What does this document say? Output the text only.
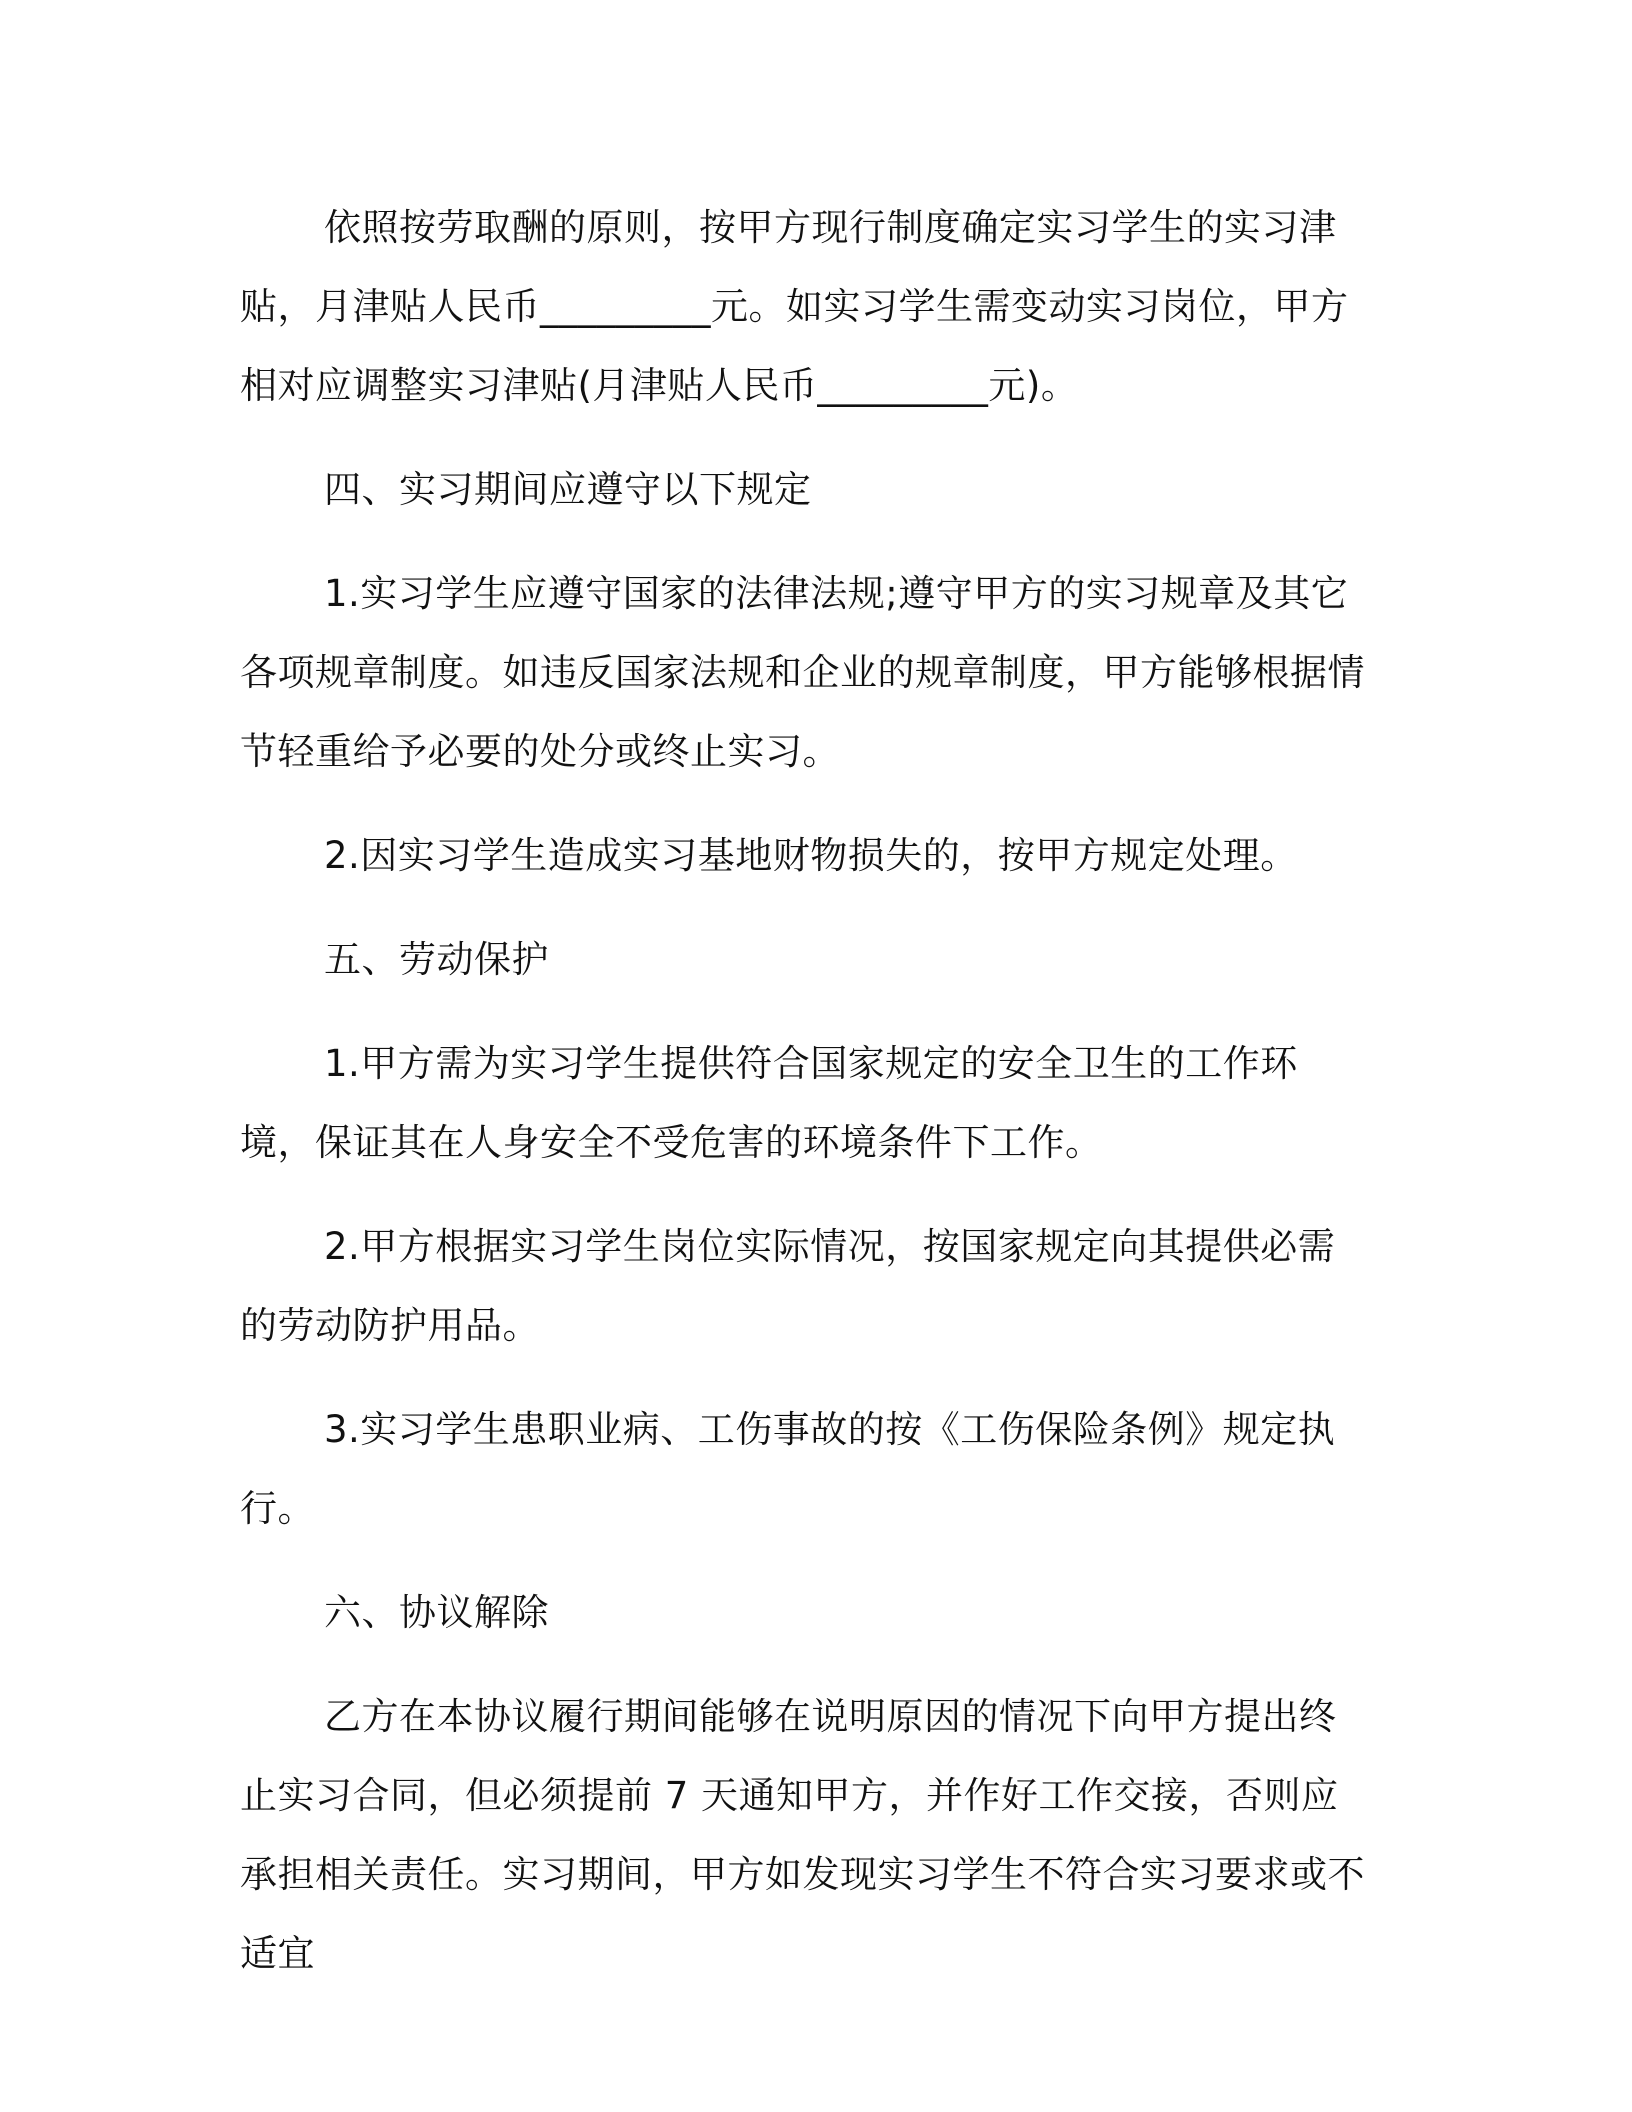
依照按劳取酬的原则，按甲方现行制度确定实习学生的实习津贴，月津贴人民币_________元。如实习学生需变动实习岗位，甲方相对应调整实习津贴(月津贴人民币_________元)。

四、实习期间应遵守以下规定

1.实习学生应遵守国家的法律法规;遵守甲方的实习规章及其它各项规章制度。如违反国家法规和企业的规章制度，甲方能够根据情节轻重给予必要的处分或终止实习。

2.因实习学生造成实习基地财物损失的，按甲方规定处理。

五、劳动保护

1.甲方需为实习学生提供符合国家规定的安全卫生的工作环境，保证其在人身安全不受危害的环境条件下工作。

2.甲方根据实习学生岗位实际情况，按国家规定向其提供必需的劳动防护用品。

3.实习学生患职业病、工伤事故的按《工伤保险条例》规定执行。

六、协议解除

乙方在本协议履行期间能够在说明原因的情况下向甲方提出终止实习合同，但必须提前 7 天通知甲方，并作好工作交接，否则应承担相关责任。实习期间，甲方如发现实习学生不符合实习要求或不适宜
